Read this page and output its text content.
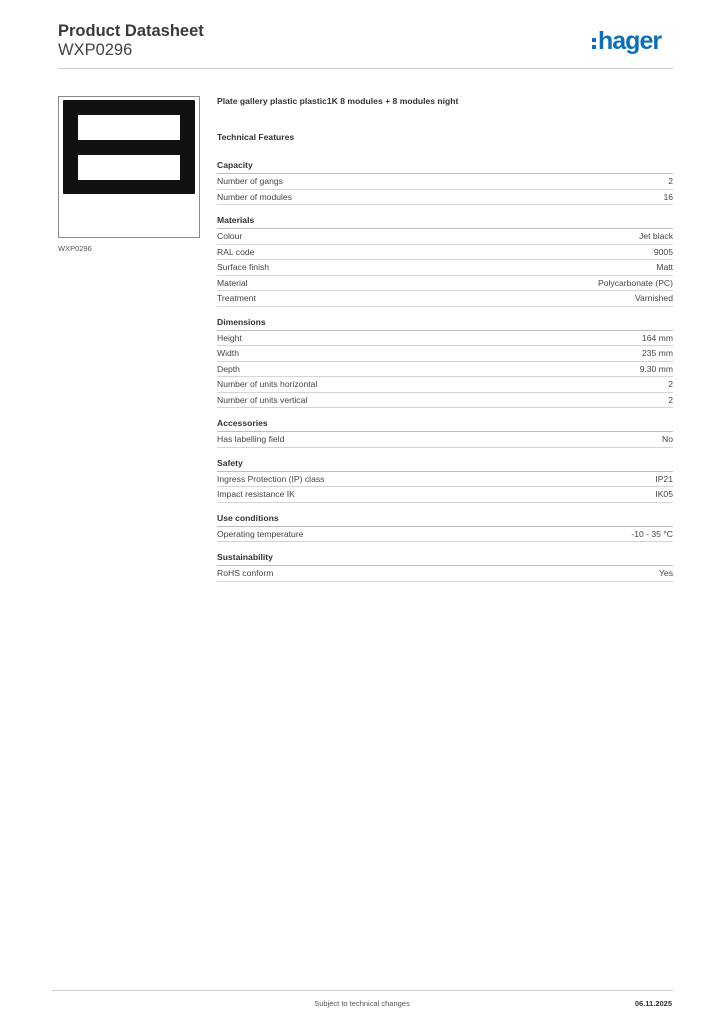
Product Datasheet
WXP0296	hager
WXP0296
Plate gallery plastic plastic1K 8 modules + 8 modules night
Technical Features
Capacity
Number of gangs	2
Number of modules	16
Materials
Colour	Jet black
RAL code	9005
Surface finish	Matt
Material	Polycarbonate (PC)
Treatment	Varnished
Dimensions
Height	164 mm
Width	235 mm
Depth	9.30 mm
Number of units horizontal	2
Number of units vertical	2
Accessories
Has labelling field	No
Safety
Ingress Protection (IP) class	IP21
Impact resistance IK	IK05
Use conditions
Operating temperature	-10 - 35 °C
Sustainability
RoHS conform	Yes
Subject to technical changes	06.11.2025
